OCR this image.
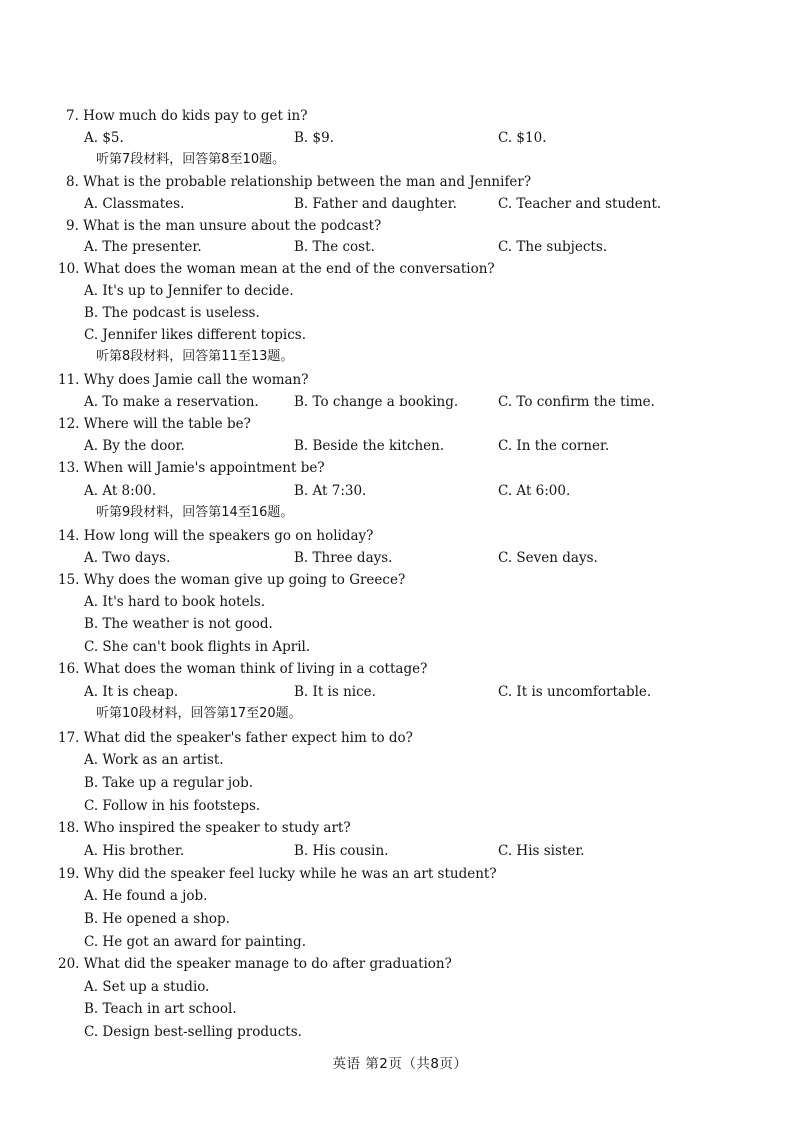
7. How much do kids pay to get in?
A. $5.	B. $9.	C. $10.
听第7段材料，回答第8至10题。
8. What is the probable relationship between the man and Jennifer?
A. Classmates.	B. Father and daughter.	C. Teacher and student.
9. What is the man unsure about the podcast?
A. The presenter.	B. The cost.	C. The subjects.
10. What does the woman mean at the end of the conversation?
A. It's up to Jennifer to decide.
B. The podcast is useless.
C. Jennifer likes different topics.
听第8段材料，回答第11至13题。
11. Why does Jamie call the woman?
A. To make a reservation.	B. To change a booking.	C. To confirm the time.
12. Where will the table be?
A. By the door.	B. Beside the kitchen.	C. In the corner.
13. When will Jamie's appointment be?
A. At 8:00.	B. At 7:30.	C. At 6:00.
听第9段材料，回答第14至16题。
14. How long will the speakers go on holiday?
A. Two days.	B. Three days.	C. Seven days.
15. Why does the woman give up going to Greece?
A. It's hard to book hotels.
B. The weather is not good.
C. She can't book flights in April.
16. What does the woman think of living in a cottage?
A. It is cheap.	B. It is nice.	C. It is uncomfortable.
听第10段材料，回答第17至20题。
17. What did the speaker's father expect him to do?
A. Work as an artist.
B. Take up a regular job.
C. Follow in his footsteps.
18. Who inspired the speaker to study art?
A. His brother.	B. His cousin.	C. His sister.
19. Why did the speaker feel lucky while he was an art student?
A. He found a job.
B. He opened a shop.
C. He got an award for painting.
20. What did the speaker manage to do after graduation?
A. Set up a studio.
B. Teach in art school.
C. Design best-selling products.
英语 第2页（共8页）
